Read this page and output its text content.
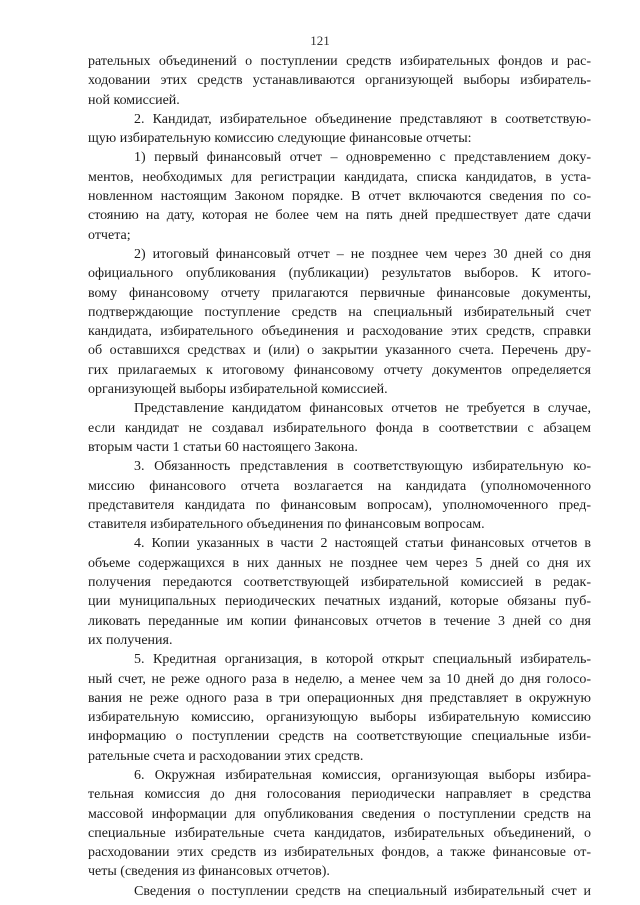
121
рательных объединений о поступлении средств избирательных фондов и рас-
ходовании этих средств устанавливаются организующей выборы избиратель-
ной комиссией.
2. Кандидат, избирательное объединение представляют в соответствую-
щую избирательную комиссию следующие финансовые отчеты:
1) первый финансовый отчет – одновременно с представлением доку-
ментов, необходимых для регистрации кандидата, списка кандидатов, в уста-
новленном настоящим Законом порядке. В отчет включаются сведения по со-
стоянию на дату, которая не более чем на пять дней предшествует дате сдачи
отчета;
2) итоговый финансовый отчет – не позднее чем через 30 дней со дня
официального опубликования (публикации) результатов выборов. К итого-
вому финансовому отчету прилагаются первичные финансовые документы,
подтверждающие поступление средств на специальный избирательный счет
кандидата, избирательного объединения и расходование этих средств, справки
об оставшихся средствах и (или) о закрытии указанного счета. Перечень дру-
гих прилагаемых к итоговому финансовому отчету документов определяется
организующей выборы избирательной комиссией.
Представление кандидатом финансовых отчетов не требуется в случае,
если кандидат не создавал избирательного фонда в соответствии с абзацем
вторым части 1 статьи 60 настоящего Закона.
3. Обязанность представления в соответствующую избирательную ко-
миссию финансового отчета возлагается на кандидата (уполномоченного
представителя кандидата по финансовым вопросам), уполномоченного пред-
ставителя избирательного объединения по финансовым вопросам.
4. Копии указанных в части 2 настоящей статьи финансовых отчетов в
объеме содержащихся в них данных не позднее чем через 5 дней со дня их
получения передаются соответствующей избирательной комиссией в редак-
ции муниципальных периодических печатных изданий, которые обязаны пуб-
ликовать переданные им копии финансовых отчетов в течение 3 дней со дня
их получения.
5. Кредитная организация, в которой открыт специальный избиратель-
ный счет, не реже одного раза в неделю, а менее чем за 10 дней до дня голосо-
вания не реже одного раза в три операционных дня представляет в окружную
избирательную комиссию, организующую выборы избирательную комиссию
информацию о поступлении средств на соответствующие специальные изби-
рательные счета и расходовании этих средств.
6. Окружная избирательная комиссия, организующая выборы избира-
тельная комиссия до дня голосования периодически направляет в средства
массовой информации для опубликования сведения о поступлении средств на
специальные избирательные счета кандидатов, избирательных объединений, о
расходовании этих средств из избирательных фондов, а также финансовые от-
четы (сведения из финансовых отчетов).
Сведения о поступлении средств на специальный избирательный счет и
